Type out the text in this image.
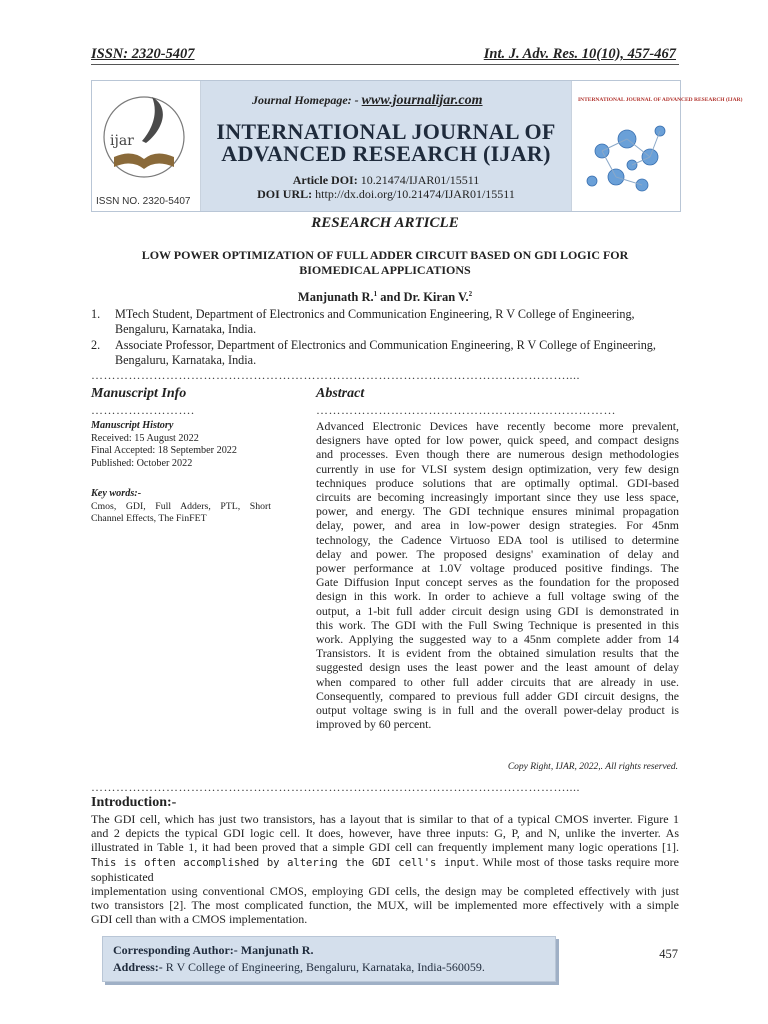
ISSN: 2320-5407	Int. J. Adv. Res. 10(10), 457-467
ijar
ISSN NO. 2320-5407
Journal Homepage: - www.journalijar.com
INTERNATIONAL JOURNAL OF
ADVANCED RESEARCH (IJAR)
Article DOI: 10.21474/IJAR01/15511
DOI URL: http://dx.doi.org/10.21474/IJAR01/15511
INTERNATIONAL JOURNAL OF ADVANCED RESEARCH (IJAR)
RESEARCH ARTICLE
LOW POWER OPTIMIZATION OF FULL ADDER CIRCUIT BASED ON GDI LOGIC FOR
BIOMEDICAL APPLICATIONS
Manjunath R.$^1$ and Dr. Kiran V.$^2$
1.	MTech Student, Department of Electronics and Communication Engineering, R V College of Engineering,
Bengaluru, Karnataka, India.
2.	Associate Professor, Department of Electronics and Communication Engineering, R V College of Engineering,
Bengaluru, Karnataka, India.
……………………………………………………………………………………………………....
Manuscript Info
…………………….
Manuscript History
Received: 15 August 2022
Final Accepted: 18 September 2022
Published: October 2022
Key words:-
Cmos, GDI, Full Adders, PTL, Short
Channel Effects, The FinFET
Abstract
………………………………………………………………
Advanced Electronic Devices have recently become more prevalent,
designers have opted for low power, quick speed, and compact designs
and processes. Even though there are numerous design methodologies
currently in use for VLSI system design optimization, very few design
techniques produce solutions that are optimally optimal. GDI-based
circuits are becoming increasingly important since they use less space,
power, and energy. The GDI technique ensures minimal propagation
delay, power, and area in low-power design strategies. For 45nm
technology, the Cadence Virtuoso EDA tool is utilised to determine
delay and power. The proposed designs' examination of delay and
power performance at 1.0V voltage produced positive findings. The
Gate Diffusion Input concept serves as the foundation for the proposed
design in this work. In order to achieve a full voltage swing of the
output, a 1-bit full adder circuit design using GDI is demonstrated in
this work. The GDI with the Full Swing Technique is presented in this
work. Applying the suggested way to a 45nm complete adder from 14
Transistors. It is evident from the obtained simulation results that the
suggested design uses the least power and the least amount of delay
when compared to other full adder circuits that are already in use.
Consequently, compared to previous full adder GDI circuit designs, the
output voltage swing is in full and the overall power-delay product is
improved by 60 percent.
Copy Right, IJAR, 2022,. All rights reserved.
……………………………………………………………………………………………………....
Introduction:-
The GDI cell, which has just two transistors, has a layout that is similar to that of a typical CMOS inverter. Figure 1
and 2 depicts the typical GDI logic cell. It does, however, have three inputs: G, P, and N, unlike the inverter. As
illustrated in Table 1, it had been proved that a simple GDI cell can frequently implement many logic operations [1].
This is often accomplished by altering the GDI cell's input. While most of those tasks require more sophisticated
implementation using conventional CMOS, employing GDI cells, the design may be completed effectively with just
two transistors [2]. The most complicated function, the MUX, will be implemented more effectively with a simple
GDI cell than with a CMOS implementation.
Corresponding Author:- Manjunath R.
Address:- R V College of Engineering, Bengaluru, Karnataka, India-560059.
457
